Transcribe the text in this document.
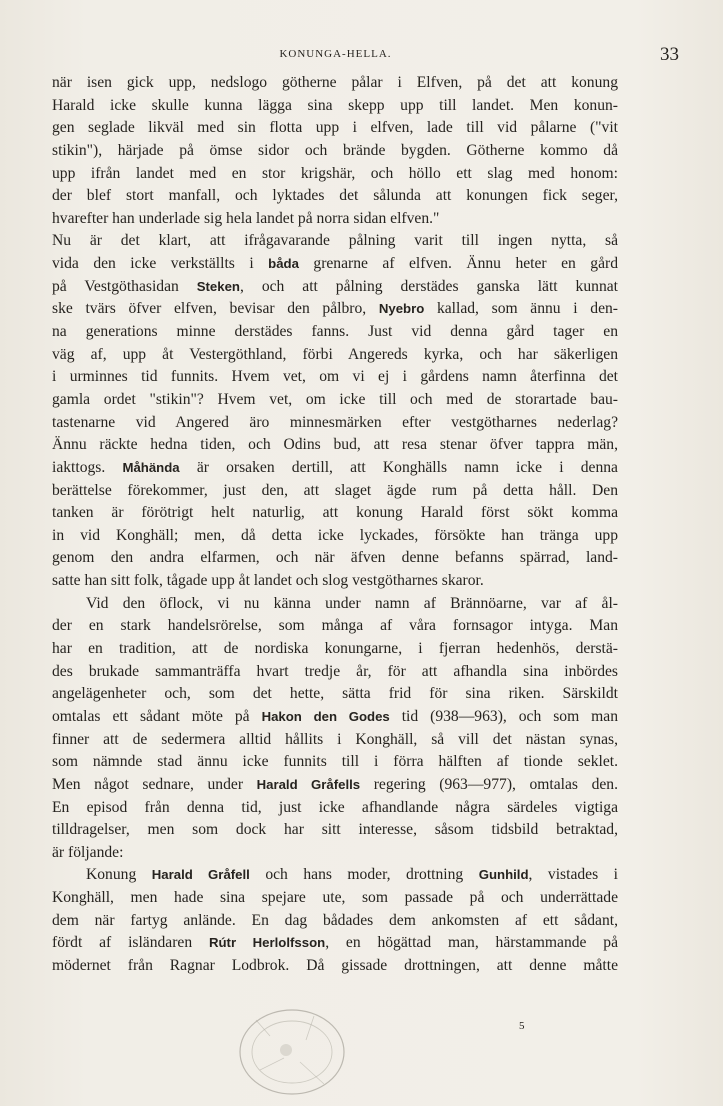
KONUNGA-HELLA.	33
när isen gick upp, nedslogo götherne pålar i Elfven, på det att konung
Harald icke skulle kunna lägga sina skepp upp till landet. Men konun-
gen seglade likväl med sin flotta upp i elfven, lade till vid pålarne ("vit
stikin"), härjade på ömse sidor och brände bygden. Götherne kommo då
upp ifrån landet med en stor krigshär, och höllo ett slag med honom:
der blef stort manfall, och lyktades det sålunda att konungen fick seger,
hvarefter han underlade sig hela landet på norra sidan elfven."
Nu är det klart, att ifrågavarande pålning varit till ingen nytta, så
vida den icke verkställts i båda grenarne af elfven. Ännu heter en gård
på Vestgöthasidan Steken, och att pålning derstädes ganska lätt kunnat
ske tvärs öfver elfven, bevisar den pålbro, Nyebro kallad, som ännu i den-
na generations minne derstädes fanns. Just vid denna gård tager en
väg af, upp åt Vestergöthland, förbi Angereds kyrka, och har säkerligen
i urminnes tid funnits. Hvem vet, om vi ej i gårdens namn återfinna det
gamla ordet "stikin"? Hvem vet, om icke till och med de storartade bau-
tastenarne vid Angered äro minnesmärken efter vestgötharnes nederlag?
Ännu räckte hedna tiden, och Odins bud, att resa stenar öfver tappra män,
iakttogs. Måhända är orsaken dertill, att Konghälls namn icke i denna
berättelse förekommer, just den, att slaget ägde rum på detta håll. Den
tanken är förötrigt helt naturlig, att konung Harald först sökt komma
in vid Konghäll; men, då detta icke lyckades, försökte han tränga upp
genom den andra elfarmen, och när äfven denne befanns spärrad, land-
satte han sitt folk, tågade upp åt landet och slog vestgötharnes skaror.
Vid den öflock, vi nu känna under namn af Brännöarne, var af ål-
der en stark handelsrörelse, som många af våra fornsagor intyga. Man
har en tradition, att de nordiska konungarne, i fjerran hedenhös, derstä-
des brukade sammanträffa hvart tredje år, för att afhandla sina inbördes
angelägenheter och, som det hette, sätta frid för sina riken. Särskildt
omtalas ett sådant möte på Hakon den Godes tid (938—963), och som man
finner att de sedermera alltid hållits i Konghäll, så vill det nästan synas,
som nämnde stad ännu icke funnits till i förra hälften af tionde seklet.
Men något sednare, under Harald Gråfells regering (963—977), omtalas den.
En episod från denna tid, just icke afhandlande några särdeles vigtiga
tilldragelser, men som dock har sitt interesse, såsom tidsbild betraktad,
är följande:
Konung Harald Gråfell och hans moder, drottning Gunhild, vistades i
Konghäll, men hade sina spejare ute, som passade på och underrättade
dem när fartyg anlände. En dag bådades dem ankomsten af ett sådant,
fördt af isländaren Rútr Herlolfsson, en högättad man, härstammande på
mödernet från Ragnar Lodbrok. Då gissade drottningen, att denne måtte
5
